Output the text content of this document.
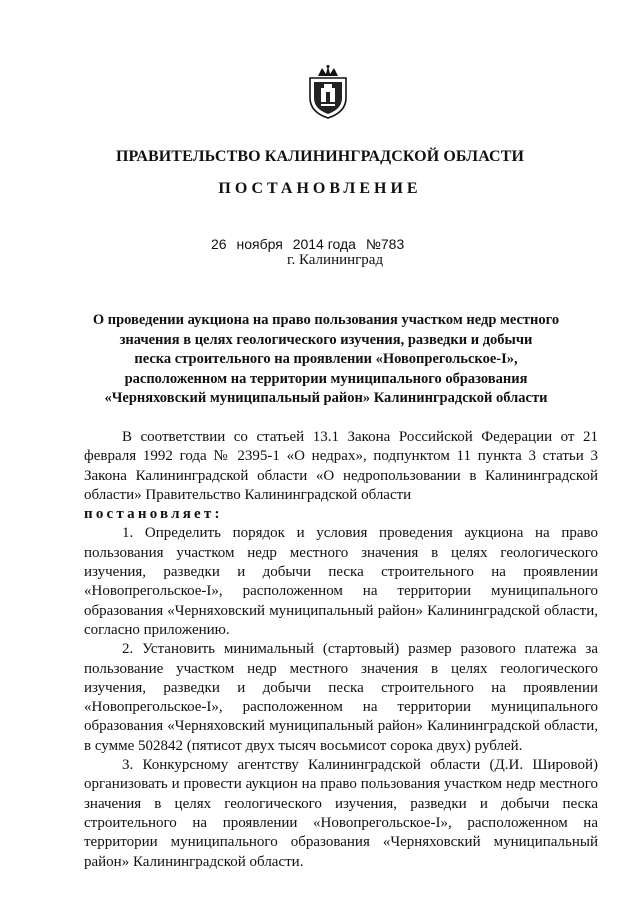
ПРАВИТЕЛЬСТВО КАЛИНИНГРАДСКОЙ ОБЛАСТИ
ПОСТАНОВЛЕНИЕ
26 ноября 2014 года №783
г. Калининград
О проведении аукциона на право пользования участком недр местного
значения в целях геологического изучения, разведки и добычи
песка строительного на проявлении «Новопрегольское-I»,
расположенном на территории муниципального образования
«Черняховский муниципальный район» Калининградской области

В соответствии со статьей 13.1 Закона Российской Федерации от 21 февраля 1992 года № 2395-1 «О недрах», подпунктом 11 пункта 3 статьи 3 Закона Калининградской области «О недропользовании в Калининградской области» Правительство Калининградской области

постановляет:

1. Определить порядок и условия проведения аукциона на право пользования участком недр местного значения в целях геологического изучения, разведки и добычи песка строительного на проявлении «Новопрегольское-I», расположенном на территории муниципального образования «Черняховский муниципальный район» Калининградской области, согласно приложению.

2. Установить минимальный (стартовый) размер разового платежа за пользование участком недр местного значения в целях геологического изучения, разведки и добычи песка строительного на проявлении «Новопрегольское-I», расположенном на территории муниципального образования «Черняховский муниципальный район» Калининградской области, в сумме 502842 (пятисот двух тысяч восьмисот сорока двух) рублей.

3. Конкурсному агентству Калининградской области (Д.И. Шировой) организовать и провести аукцион на право пользования участком недр местного значения в целях геологического изучения, разведки и добычи песка строительного на проявлении «Новопрегольское-I», расположенном на территории муниципального образования «Черняховский муниципальный район» Калининградской области.
